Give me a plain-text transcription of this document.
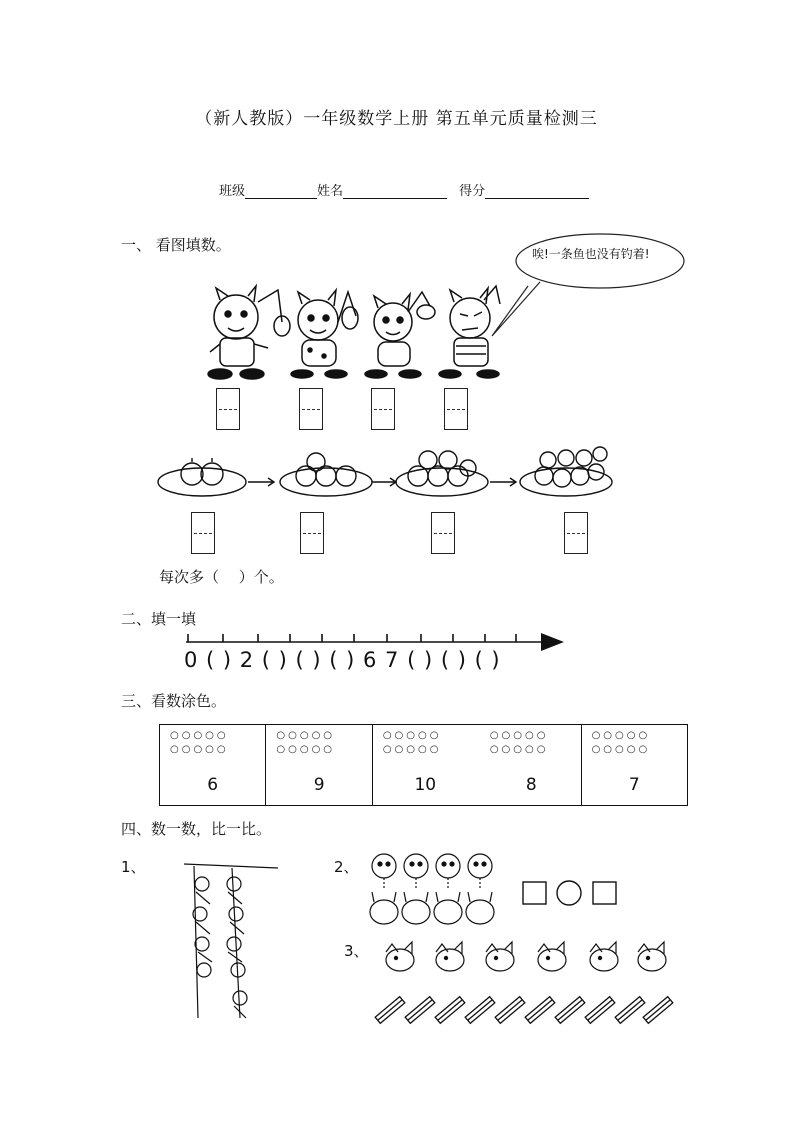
（新人教版）一年级数学上册 第五单元质量检测三
班级	姓名	得分
一、 看图填数。	唉!一条鱼也没有钓着!
每次多（　 ）个。
二、填一填
0 ( ) 2 ( ) ( ) ( ) 6 7 ( ) ( ) ( )
三、看数涂色。
○○○○○
○○○○○
6

○○○○○
○○○○○
9

○○○○○
○○○○○
10
○○○○○
○○○○○
8

○○○○○
○○○○○
7
四、数一数，比一比。
1、	2、
3、
